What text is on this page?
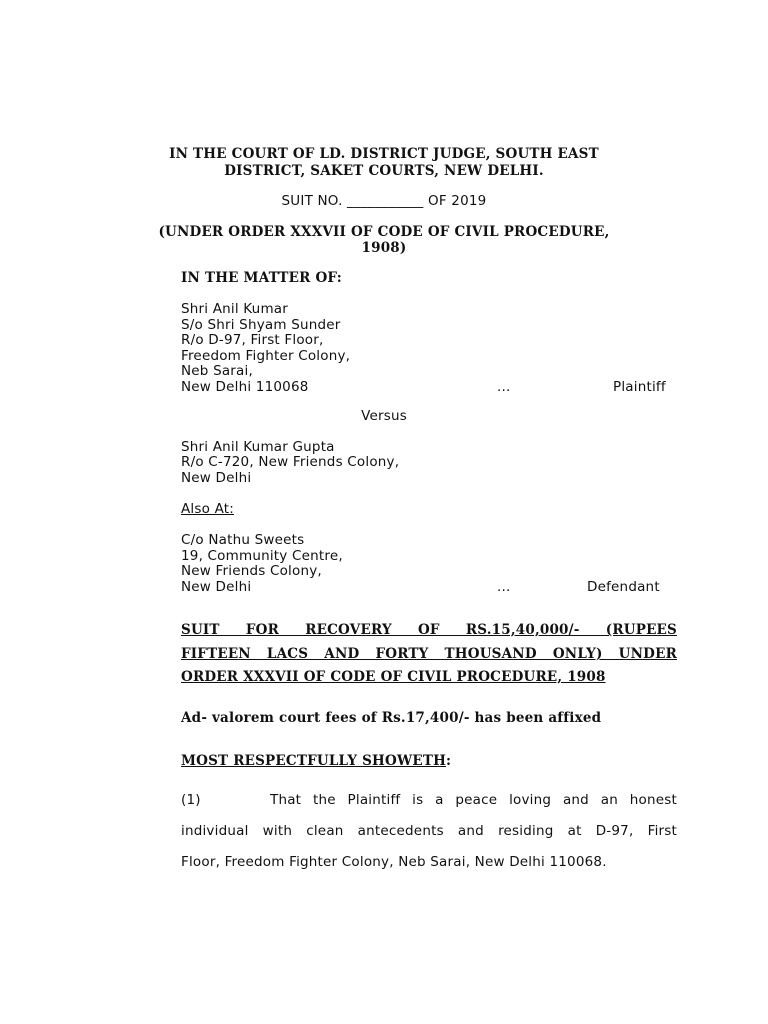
IN THE COURT OF LD. DISTRICT JUDGE, SOUTH EAST
DISTRICT, SAKET COURTS, NEW DELHI.
SUIT NO. ___________ OF 2019
(UNDER ORDER XXXVII OF CODE OF CIVIL PROCEDURE,
1908)
IN THE MATTER OF:
Shri Anil Kumar
S/o Shri Shyam Sunder
R/o D-97, First Floor,
Freedom Fighter Colony,
Neb Sarai,
New Delhi 110068	...	Plaintiff
Versus
Shri Anil Kumar Gupta
R/o C-720, New Friends Colony,
New Delhi
Also At:
C/o Nathu Sweets
19, Community Centre,
New Friends Colony,
New Delhi	...	Defendant
SUIT FOR RECOVERY OF RS.15,40,000/- (RUPEES
FIFTEEN LACS AND FORTY THOUSAND ONLY) UNDER
ORDER XXXVII OF CODE OF CIVIL PROCEDURE, 1908
Ad- valorem court fees of Rs.17,400/- has been affixed
MOST RESPECTFULLY SHOWETH:
(1)	That the Plaintiff is a peace loving and an honest
individual with clean antecedents and residing at D-97, First
Floor, Freedom Fighter Colony, Neb Sarai, New Delhi 110068.
